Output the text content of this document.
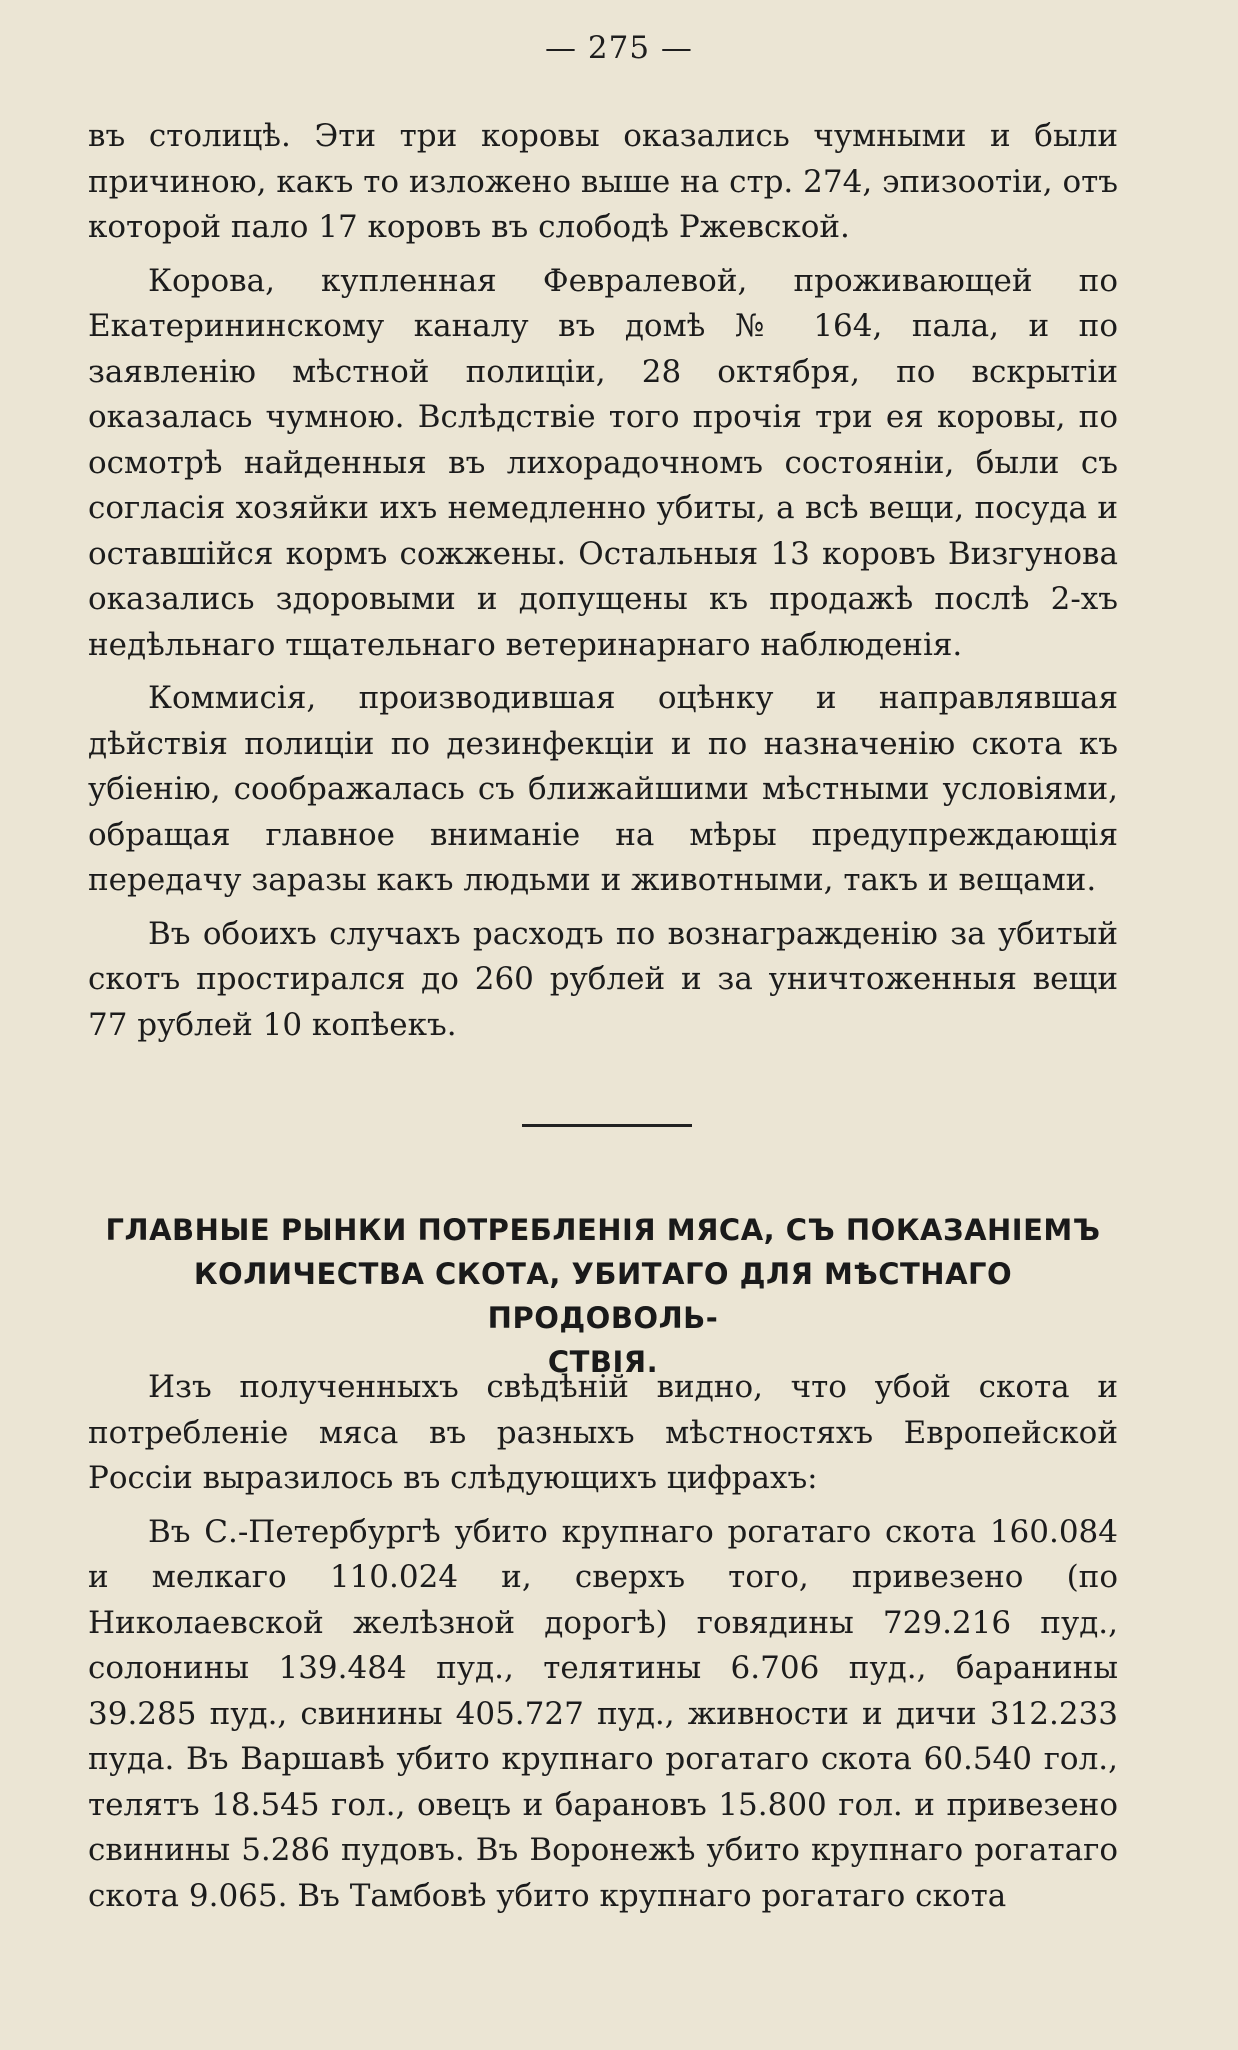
— 275 —

въ столицѣ. Эти три коровы оказались чумными и были причиною, какъ то изложено выше на стр. 274, эпизоотіи, отъ которой пало 17 коровъ въ слободѣ Ржевской.

Корова, купленная Февралевой, проживающей по Екатерининскому каналу въ домѣ № 164, пала, и по заявленію мѣстной полиціи, 28 октября, по вскрытіи оказалась чумною. Вслѣдствіе того прочія три ея коровы, по осмотрѣ найденныя въ лихорадочномъ состояніи, были съ согласія хозяйки ихъ немедленно убиты, а всѣ вещи, посуда и оставшійся кормъ сожжены. Остальныя 13 коровъ Визгунова оказались здоровыми и допущены къ продажѣ послѣ 2-хъ недѣльнаго тщательнаго ветеринарнаго наблюденія.

Коммисія, производившая оцѣнку и направлявшая дѣйствія полиціи по дезинфекціи и по назначенію скота къ убіенію, соображалась съ ближайшими мѣстными условіями, обращая главное вниманіе на мѣры предупреждающія передачу заразы какъ людьми и животными, такъ и вещами.

Въ обоихъ случахъ расходъ по вознагражденію за убитый скотъ простирался до 260 рублей и за уничтоженныя вещи 77 рублей 10 копѣекъ.

ГЛАВНЫЕ РЫНКИ ПОТРЕБЛЕНІЯ МЯСА, СЪ ПОКАЗАНІЕМЪ
КОЛИЧЕСТВА СКОТА, УБИТАГО ДЛЯ МѢСТНАГО ПРОДОВОЛЬ-
СТВІЯ.

Изъ полученныхъ свѣдѣній видно, что убой скота и потребленіе мяса въ разныхъ мѣстностяхъ Европейской Россіи выразилось въ слѣдующихъ цифрахъ:

Въ С.-Петербургѣ убито крупнаго рогатаго скота 160.084 и мелкаго 110.024 и, сверхъ того, привезено (по Николаевской желѣзной дорогѣ) говядины 729.216 пуд., солонины 139.484 пуд., телятины 6.706 пуд., баранины 39.285 пуд., свинины 405.727 пуд., живности и дичи 312.233 пуда. Въ Варшавѣ убито крупнаго рогатаго скота 60.540 гол., телятъ 18.545 гол., овецъ и барановъ 15.800 гол. и привезено свинины 5.286 пудовъ. Въ Воронежѣ убито крупнаго рогатаго скота 9.065. Въ Тамбовѣ убито крупнаго рогатаго скота
